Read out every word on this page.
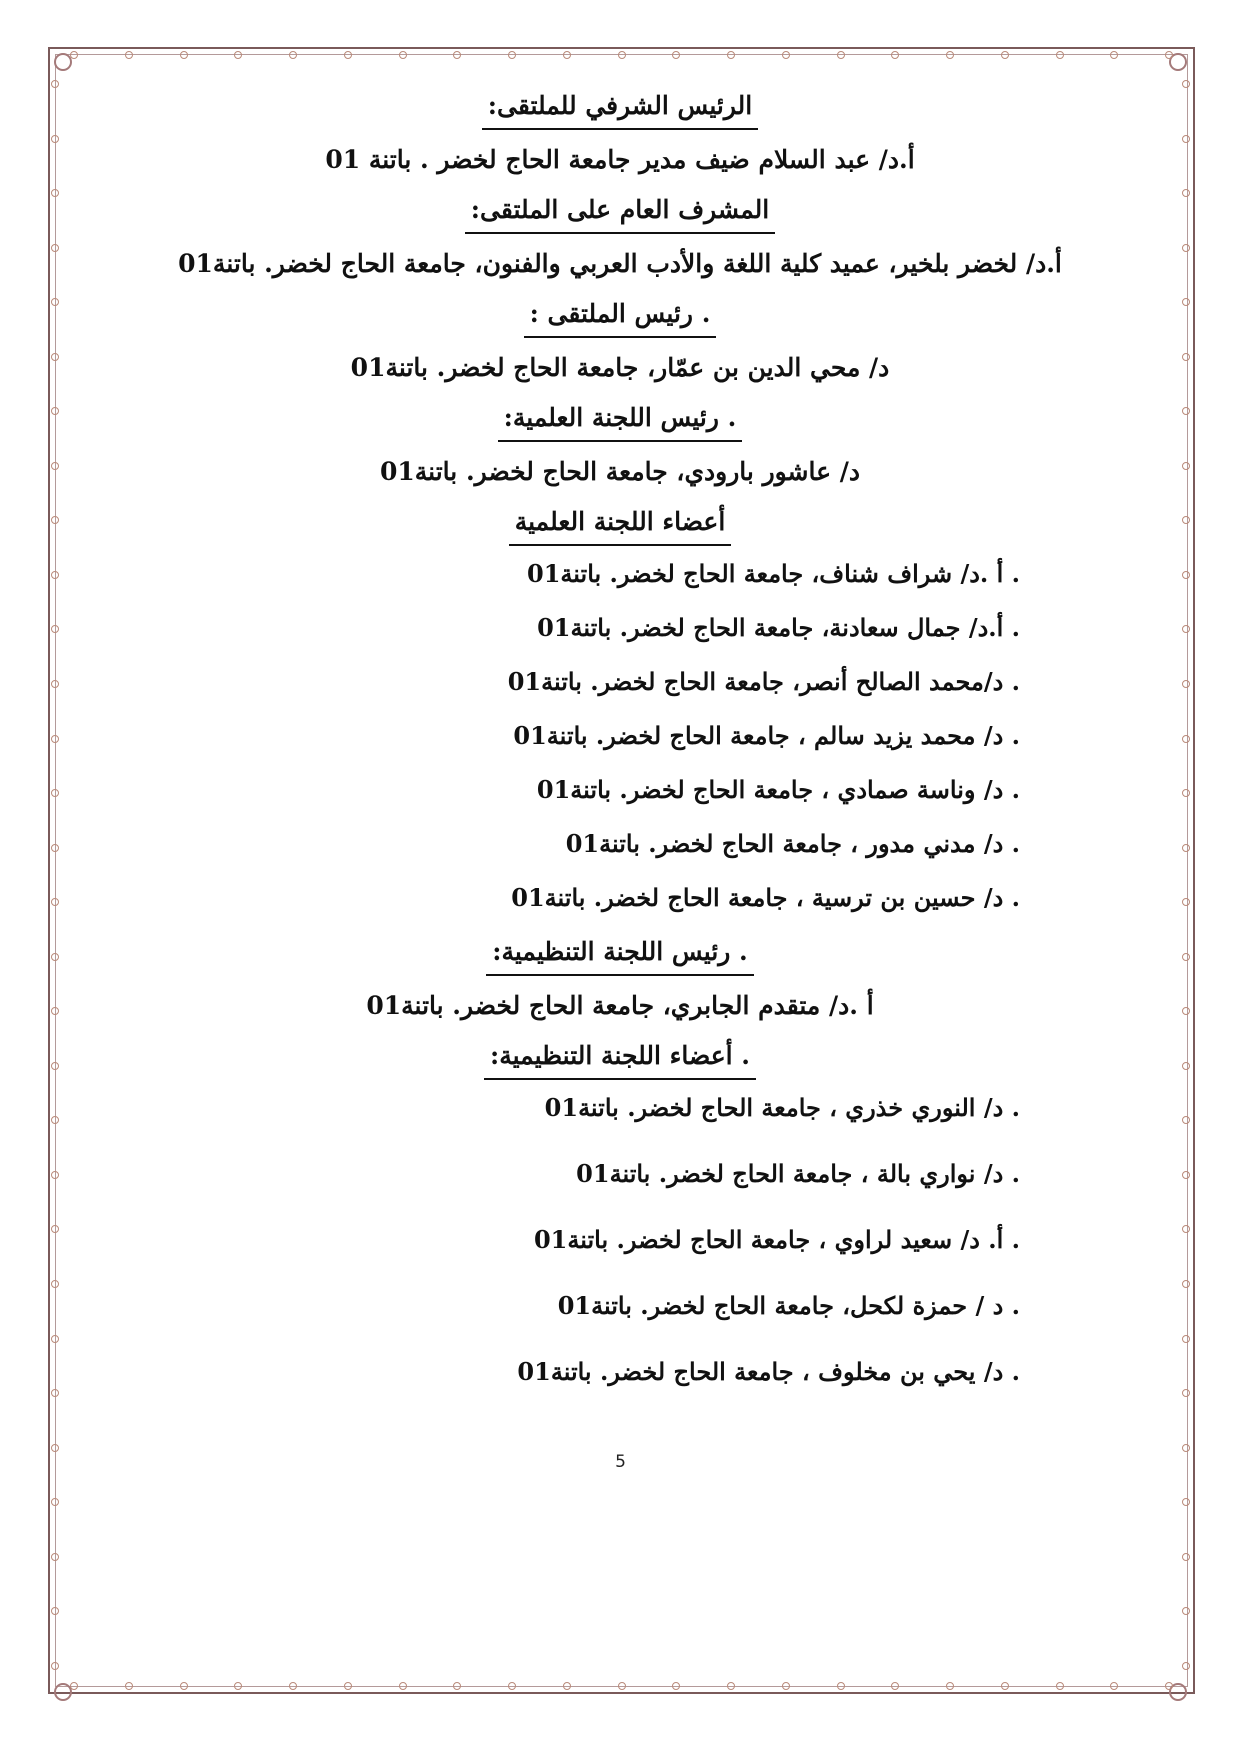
الرئيس الشرفي للملتقى:
أ.د/ عبد السلام ضيف مدير جامعة الحاج لخضر . باتنة 01
المشرف العام على الملتقى:
أ.د/ لخضر بلخير، عميد كلية اللغة والأدب العربي والفنون، جامعة الحاج لخضر. باتنة01
. رئيس الملتقى :
د/ محي الدين بن عمّار، جامعة الحاج لخضر. باتنة01
. رئيس اللجنة العلمية:
د/ عاشور بارودي، جامعة الحاج لخضر. باتنة01
أعضاء اللجنة العلمية
. أ .د/ شراف شناف، جامعة الحاج لخضر. باتنة01
. أ.د/ جمال سعادنة، جامعة الحاج لخضر. باتنة01
. د/محمد الصالح أنصر، جامعة الحاج لخضر. باتنة01
. د/ محمد يزيد سالم ، جامعة الحاج لخضر. باتنة01
. د/ وناسة صمادي ، جامعة الحاج لخضر. باتنة01
. د/ مدني مدور ، جامعة الحاج لخضر. باتنة01
. د/ حسين بن ترسية ، جامعة الحاج لخضر. باتنة01
. رئيس اللجنة التنظيمية:
أ .د/ متقدم الجابري، جامعة الحاج لخضر. باتنة01
. أعضاء اللجنة التنظيمية:
. د/ النوري خذري ، جامعة الحاج لخضر. باتنة01
. د/ نواري بالة ، جامعة الحاج لخضر. باتنة01
. أ. د/ سعيد لراوي ، جامعة الحاج لخضر. باتنة01
. د / حمزة لكحل، جامعة الحاج لخضر. باتنة01
. د/ يحي بن مخلوف ، جامعة الحاج لخضر. باتنة01
5
